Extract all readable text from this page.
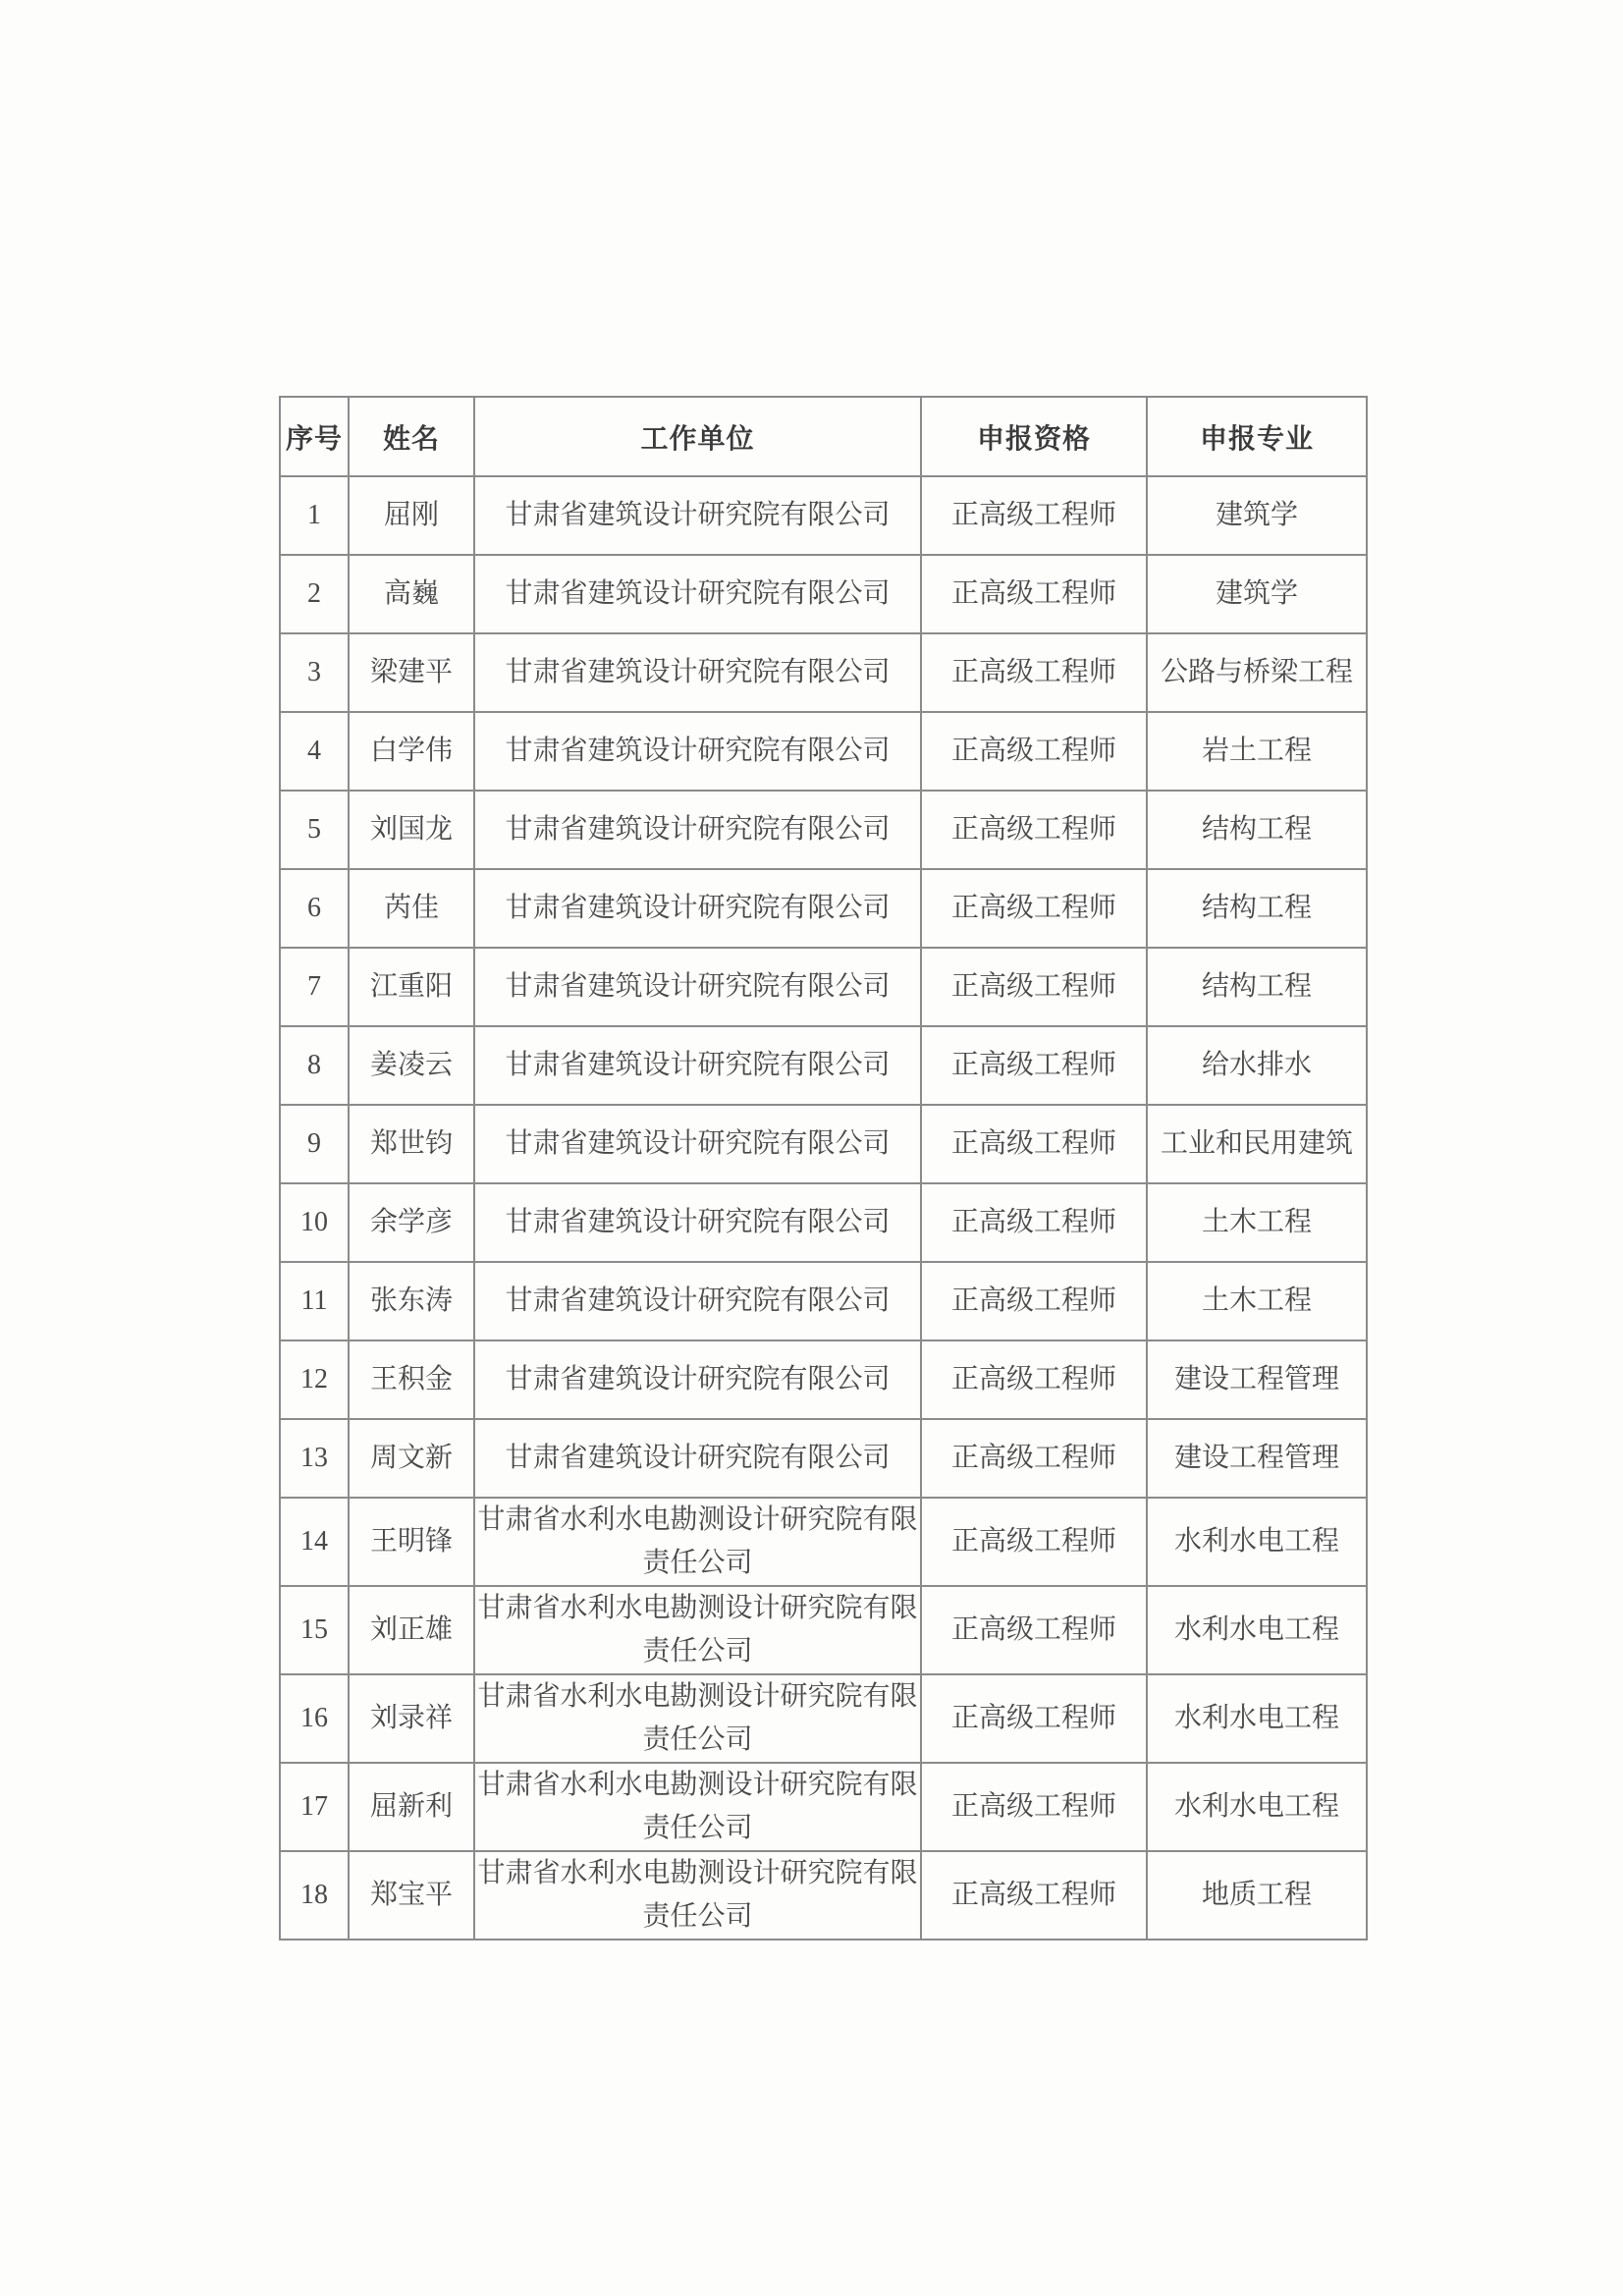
序号	姓名	工作单位	申报资格	申报专业
1	屈刚	甘肃省建筑设计研究院有限公司	正高级工程师	建筑学
2	高巍	甘肃省建筑设计研究院有限公司	正高级工程师	建筑学
3	梁建平	甘肃省建筑设计研究院有限公司	正高级工程师	公路与桥梁工程
4	白学伟	甘肃省建筑设计研究院有限公司	正高级工程师	岩土工程
5	刘国龙	甘肃省建筑设计研究院有限公司	正高级工程师	结构工程
6	芮佳	甘肃省建筑设计研究院有限公司	正高级工程师	结构工程
7	江重阳	甘肃省建筑设计研究院有限公司	正高级工程师	结构工程
8	姜凌云	甘肃省建筑设计研究院有限公司	正高级工程师	给水排水
9	郑世钧	甘肃省建筑设计研究院有限公司	正高级工程师	工业和民用建筑
10	余学彦	甘肃省建筑设计研究院有限公司	正高级工程师	土木工程
11	张东涛	甘肃省建筑设计研究院有限公司	正高级工程师	土木工程
12	王积金	甘肃省建筑设计研究院有限公司	正高级工程师	建设工程管理
13	周文新	甘肃省建筑设计研究院有限公司	正高级工程师	建设工程管理
14	王明锋	甘肃省水利水电勘测设计研究院有限责任公司	正高级工程师	水利水电工程
15	刘正雄	甘肃省水利水电勘测设计研究院有限责任公司	正高级工程师	水利水电工程
16	刘录祥	甘肃省水利水电勘测设计研究院有限责任公司	正高级工程师	水利水电工程
17	屈新利	甘肃省水利水电勘测设计研究院有限责任公司	正高级工程师	水利水电工程
18	郑宝平	甘肃省水利水电勘测设计研究院有限责任公司	正高级工程师	地质工程
